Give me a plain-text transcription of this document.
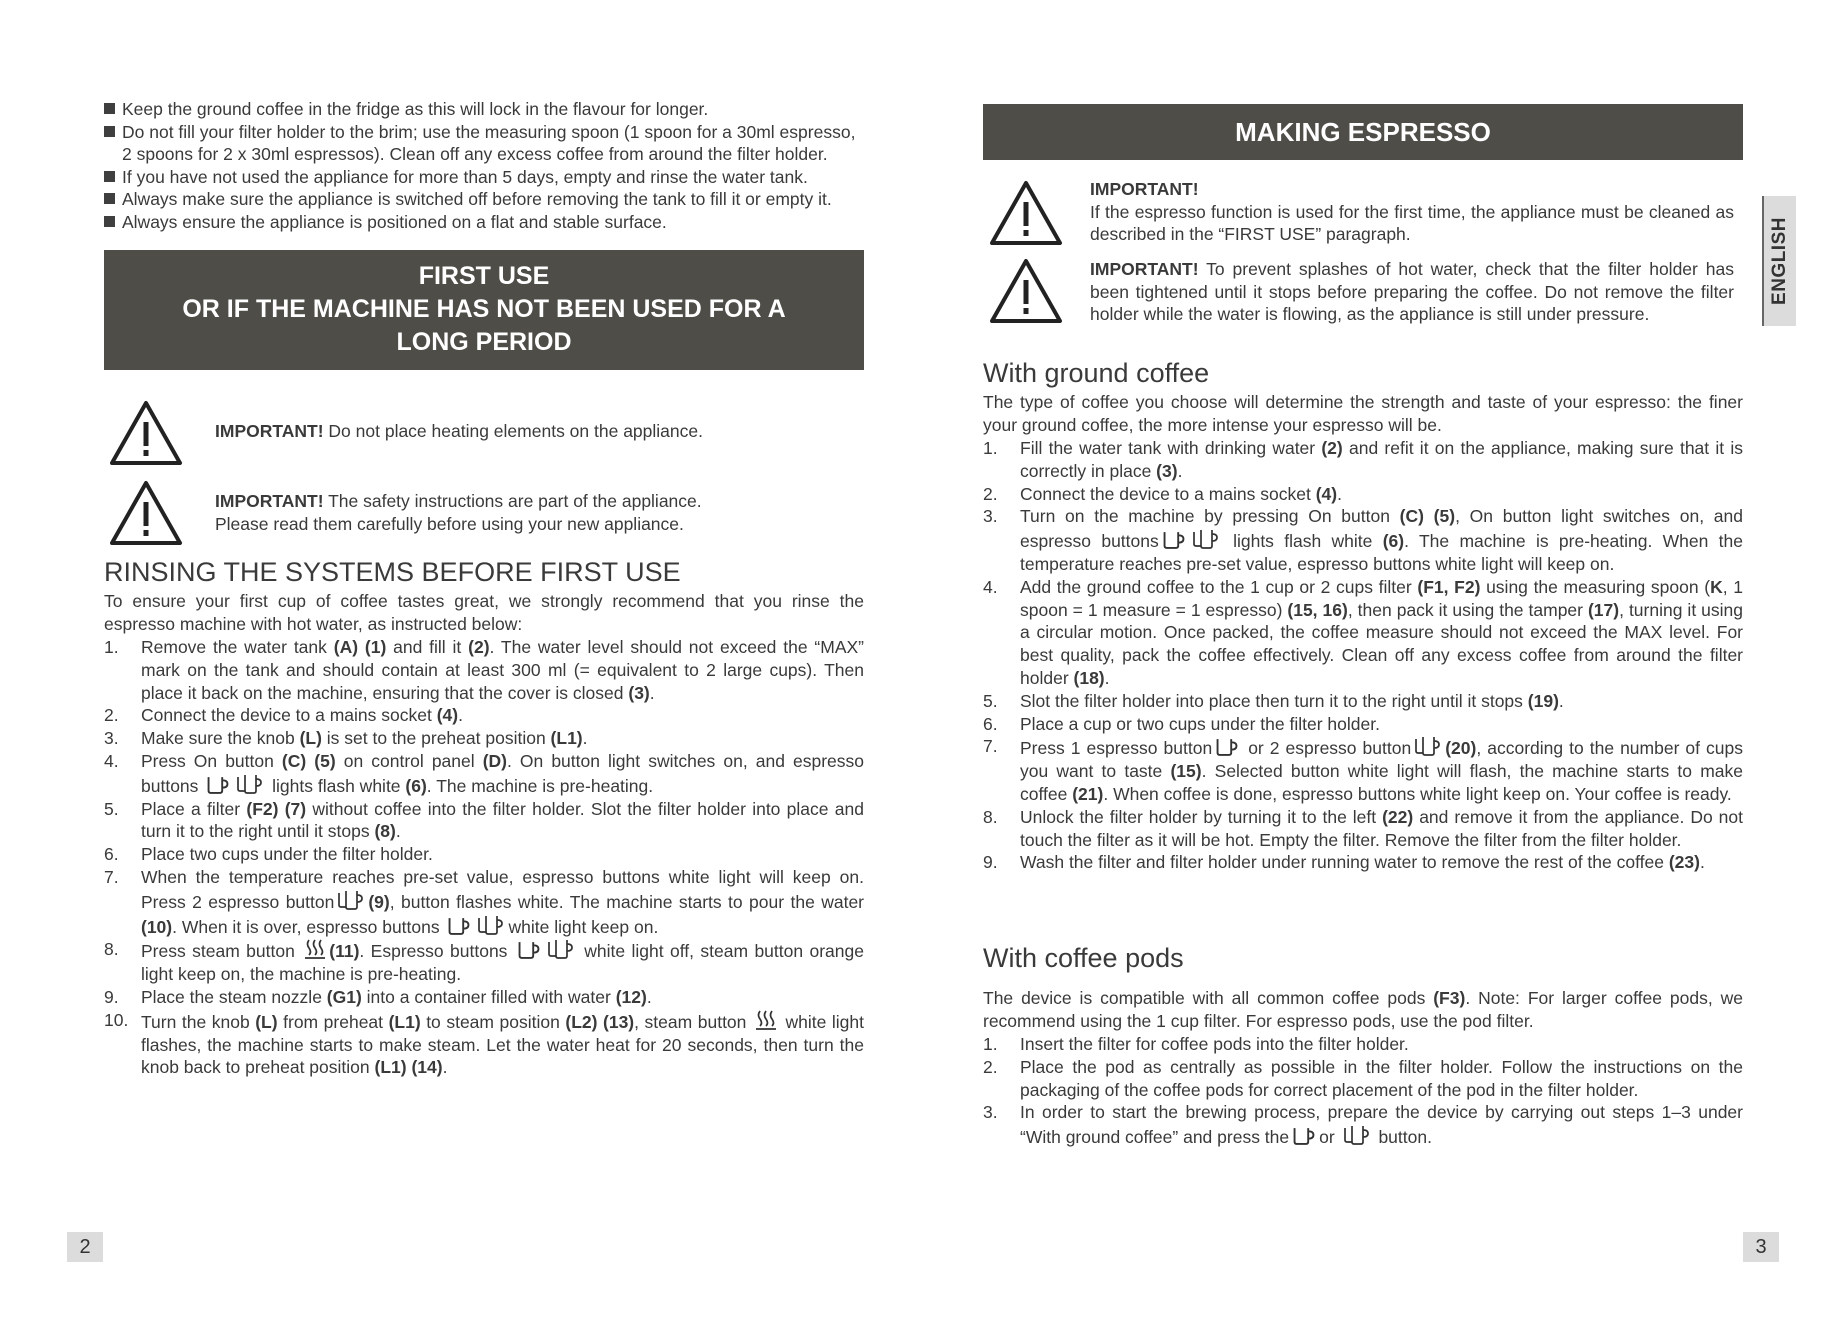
Keep the ground coffee in the fridge as this will lock in the flavour for longer.
Do not fill your filter holder to the brim; use the measuring spoon (1 spoon for a 30ml espresso, 2 spoons for 2 x 30ml espressos). Clean off any excess coffee from around the filter holder.
If you have not used the appliance for more than 5 days, empty and rinse the water tank.
Always make sure the appliance is switched off before removing the tank to fill it or empty it.
Always ensure the appliance is positioned on a flat and stable surface.
FIRST USE
OR IF THE MACHINE HAS NOT BEEN USED FOR A
LONG PERIOD
IMPORTANT! Do not place heating elements on the appliance.
IMPORTANT! The safety instructions are part of the appliance.
Please read them carefully before using your new appliance.
RINSING THE SYSTEMS BEFORE FIRST USE

To ensure your first cup of coffee tastes great, we strongly recommend that you rinse the espresso machine with hot water, as instructed below:

1. Remove the water tank (A) (1) and fill it (2). The water level should not exceed the “MAX” mark on the tank and should contain at least 300 ml (= equivalent to 2 large cups). Then place it back on the machine, ensuring that the cover is closed (3).
2. Connect the device to a mains socket (4).
3. Make sure the knob (L) is set to the preheat position (L1).
4. Press On button (C) (5) on control panel (D). On button light switches on, and espresso buttons	lights flash white (6). The machine is pre-heating.
5. Place a filter (F2) (7) without coffee into the filter holder. Slot the filter holder into place and turn it to the right until it stops (8).
6. Place two cups under the filter holder.
7. When the temperature reaches pre-set value, espresso buttons white light will keep on. Press 2 espresso button (9), button flashes white. The machine starts to pour the water (10). When it is over, espresso buttons	white light keep on.
8. Press steam button (11). Espresso buttons	white light off, steam button orange light keep on, the machine is pre-heating.
9. Place the steam nozzle (G1) into a container filled with water (12).
10. Turn the knob (L) from preheat (L1) to steam position (L2) (13), steam button  white light flashes, the machine starts to make steam. Let the water heat for 20 seconds, then turn the knob back to preheat position (L1) (14).
2
MAKING ESPRESSO
IMPORTANT!
If the espresso function is used for the first time, the appliance must be cleaned as described in the “FIRST USE” paragraph.
IMPORTANT! To prevent splashes of hot water, check that the filter holder has been tightened until it stops before preparing the coffee. Do not remove the filter holder while the water is flowing, as the appliance is still under pressure.
With ground coffee

The type of coffee you choose will determine the strength and taste of your espresso: the finer your ground coffee, the more intense your espresso will be.

1. Fill the water tank with drinking water (2) and refit it on the appliance, making sure that it is correctly in place (3).
2. Connect the device to a mains socket (4).
3. Turn on the machine by pressing On button (C) (5), On button light switches on, and espresso buttons	lights flash white (6). The machine is pre-heating. When the temperature reaches pre-set value, espresso buttons white light will keep on.
4. Add the ground coffee to the 1 cup or 2 cups filter (F1, F2) using the measuring spoon (K, 1 spoon = 1 measure = 1 espresso) (15, 16), then pack it using the tamper (17), turning it using a circular motion. Once packed, the coffee measure should not exceed the MAX level. For best quality, pack the coffee effectively. Clean off any excess coffee from around the filter holder (18).
5. Slot the filter holder into place then turn it to the right until it stops (19).
6. Place a cup or two cups under the filter holder.
7. Press 1 espresso button or 2 espresso button (20), according to the number of cups you want to taste (15). Selected button white light will flash, the machine starts to make coffee (21). When coffee is done, espresso buttons white light keep on. Your coffee is ready.
8. Unlock the filter holder by turning it to the left (22) and remove it from the appliance. Do not touch the filter as it will be hot. Empty the filter. Remove the filter from the filter holder.
9. Wash the filter and filter holder under running water to remove the rest of the coffee (23).
With coffee pods

The device is compatible with all common coffee pods (F3). Note: For larger coffee pods, we recommend using the 1 cup filter. For espresso pods, use the pod filter.

1. Insert the filter for coffee pods into the filter holder.
2. Place the pod as centrally as possible in the filter holder. Follow the instructions on the packaging of the coffee pods for correct placement of the pod in the filter holder.
3. In order to start the brewing process, prepare the device by carrying out steps 1–3 under “With ground coffee” and press the or  button.
ENGLISH
3
